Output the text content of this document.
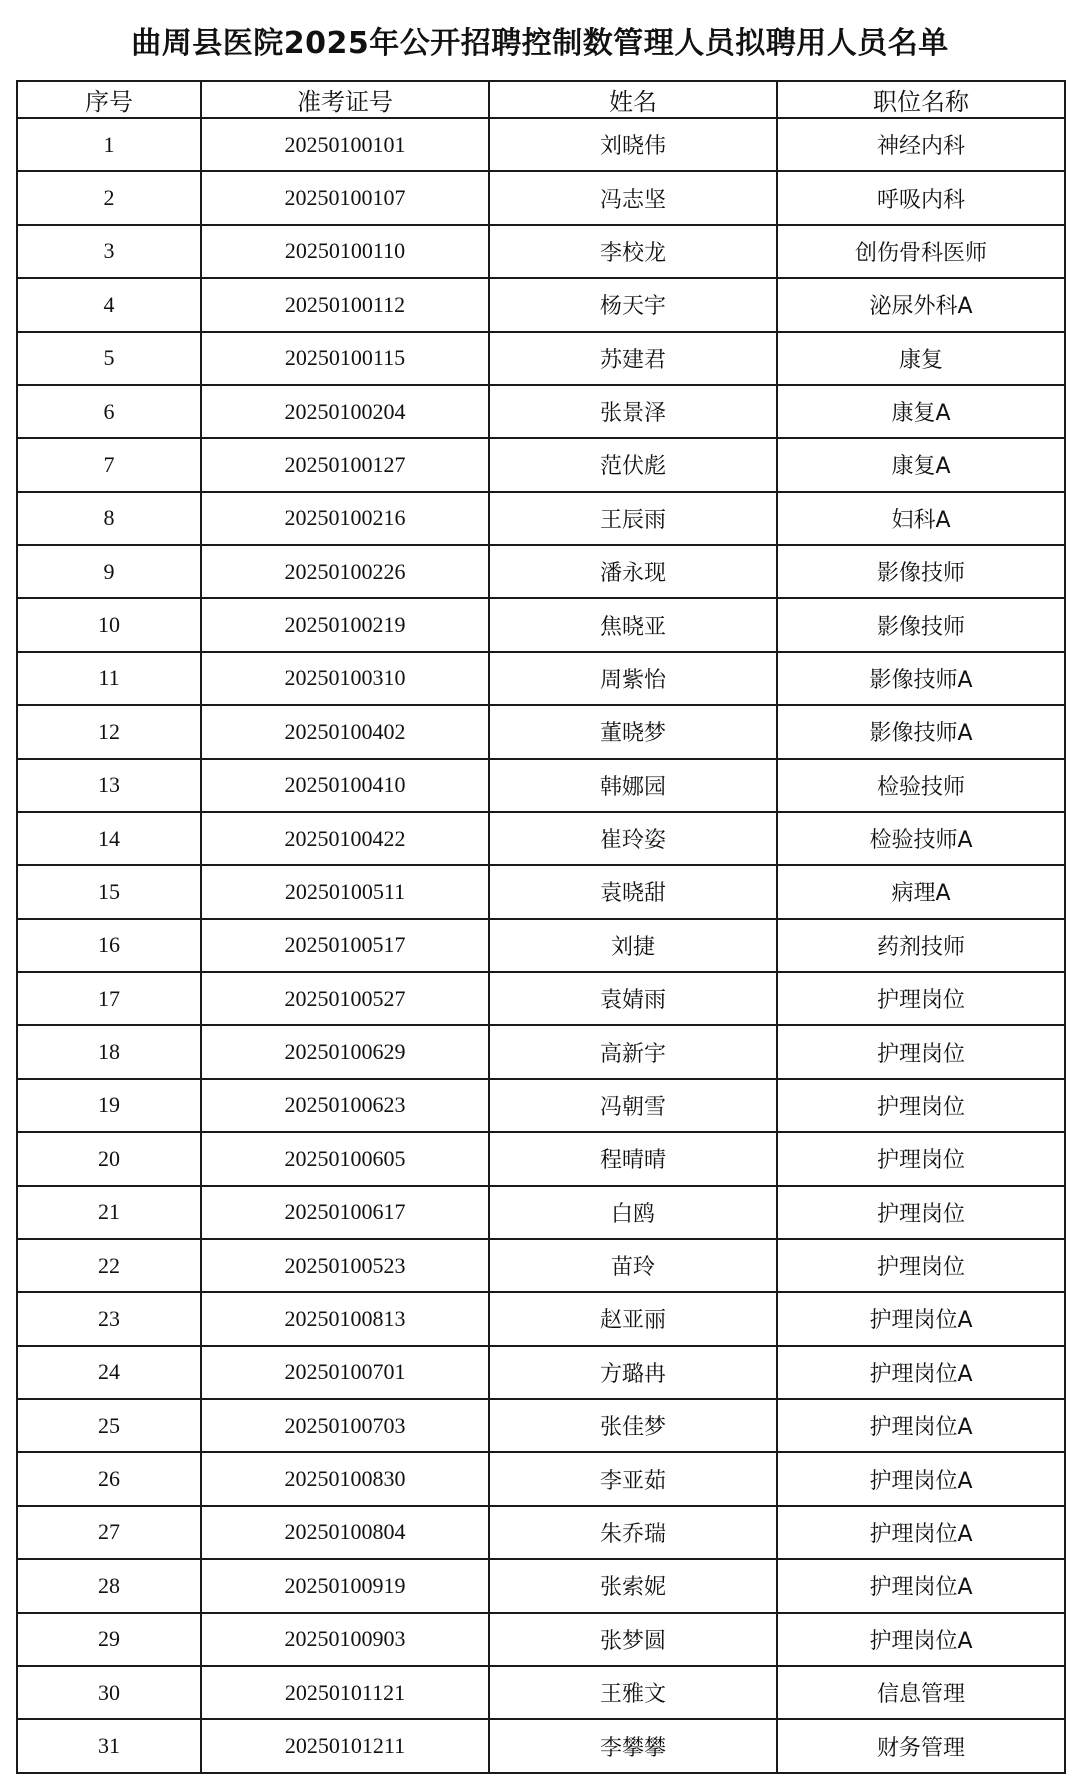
曲周县医院2025年公开招聘控制数管理人员拟聘用人员名单
序号	准考证号	姓名	职位名称
1	20250100101	刘晓伟	神经内科
2	20250100107	冯志坚	呼吸内科
3	20250100110	李校龙	创伤骨科医师
4	20250100112	杨天宇	泌尿外科A
5	20250100115	苏建君	康复
6	20250100204	张景泽	康复A
7	20250100127	范伏彪	康复A
8	20250100216	王辰雨	妇科A
9	20250100226	潘永现	影像技师
10	20250100219	焦晓亚	影像技师
11	20250100310	周紫怡	影像技师A
12	20250100402	董晓梦	影像技师A
13	20250100410	韩娜园	检验技师
14	20250100422	崔玲姿	检验技师A
15	20250100511	袁晓甜	病理A
16	20250100517	刘捷	药剂技师
17	20250100527	袁婧雨	护理岗位
18	20250100629	高新宇	护理岗位
19	20250100623	冯朝雪	护理岗位
20	20250100605	程晴晴	护理岗位
21	20250100617	白鸥	护理岗位
22	20250100523	苗玲	护理岗位
23	20250100813	赵亚丽	护理岗位A
24	20250100701	方璐冉	护理岗位A
25	20250100703	张佳梦	护理岗位A
26	20250100830	李亚茹	护理岗位A
27	20250100804	朱乔瑞	护理岗位A
28	20250100919	张索妮	护理岗位A
29	20250100903	张梦圆	护理岗位A
30	20250101121	王雅文	信息管理
31	20250101211	李攀攀	财务管理
